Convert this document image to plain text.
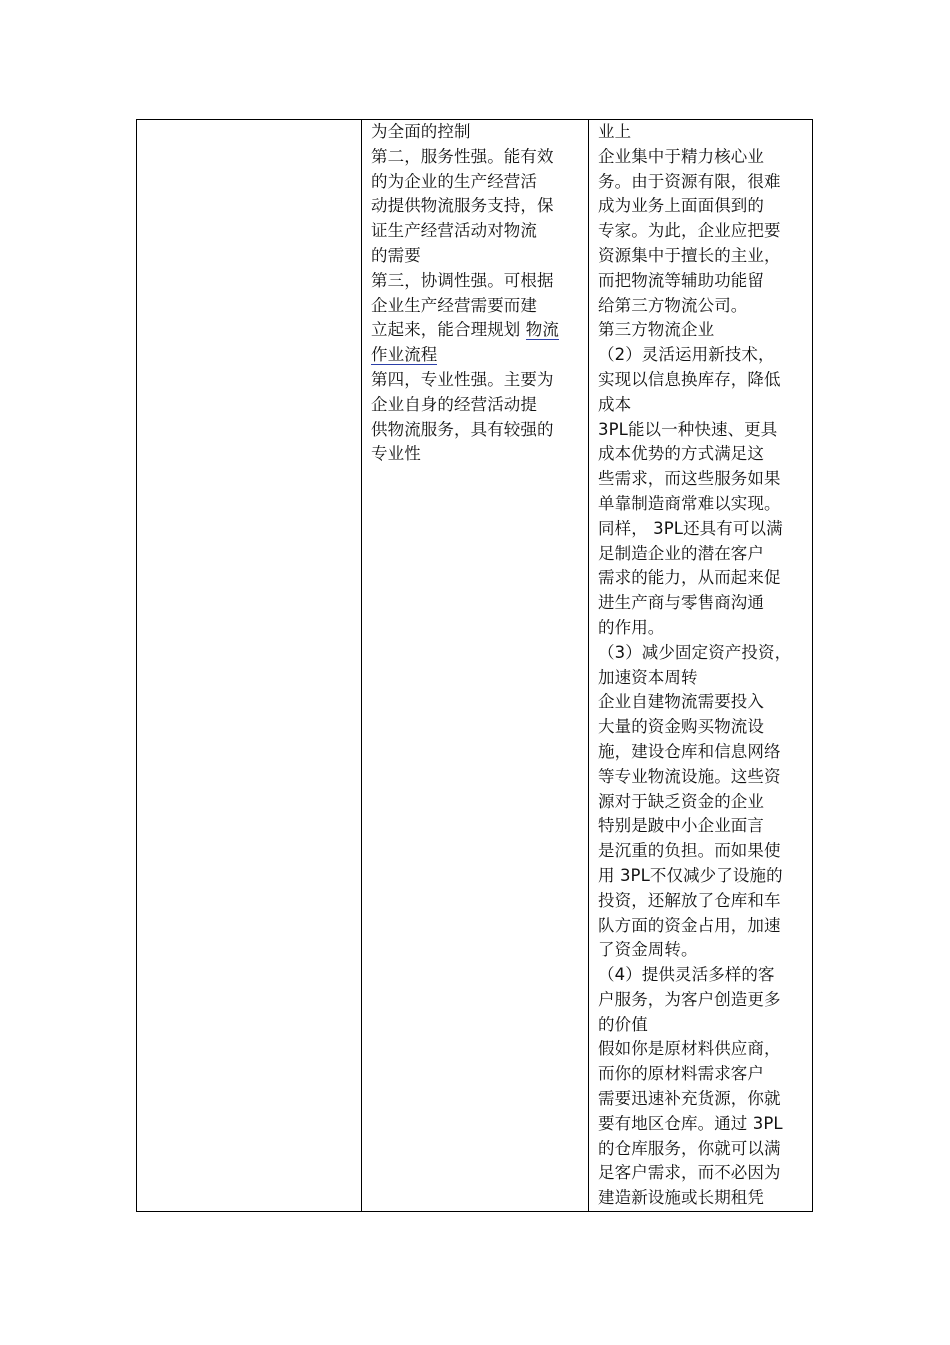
为全面的控制
第二，服务性强。能有效
的为企业的生产经营活
动提供物流服务支持，保
证生产经营活动对物流
的需要
第三，协调性强。可根据
企业生产经营需要而建
立起来，能合理规划 物流
作业流程
第四，专业性强。主要为
企业自身的经营活动提
供物流服务，具有较强的
专业性
业上
企业集中于精力核心业
务。由于资源有限，很难
成为业务上面面俱到的
专家。为此，企业应把要
资源集中于擅长的主业，
而把物流等辅助功能留
给第三方物流公司。
第三方物流企业
（2）灵活运用新技术，
实现以信息换库存，降低
成本
3PL能以一种快速、更具
成本优势的方式满足这
些需求，而这些服务如果
单靠制造商常难以实现。
同样， 3PL还具有可以满
足制造企业的潜在客户
需求的能力，从而起来促
进生产商与零售商沟通
的作用。
（3）减少固定资产投资，
加速资本周转
企业自建物流需要投入
大量的资金购买物流设
施，建设仓库和信息网络
等专业物流设施。这些资
源对于缺乏资金的企业
特别是跛中小企业面言
是沉重的负担。而如果使
用 3PL不仅减少了设施的
投资，还解放了仓库和车
队方面的资金占用，加速
了资金周转。
（4）提供灵活多样的客
户服务，为客户创造更多
的价值
假如你是原材料供应商，
而你的原材料需求客户
需要迅速补充货源，你就
要有地区仓库。通过 3PL
的仓库服务，你就可以满
足客户需求，而不必因为
建造新设施或长期租凭
